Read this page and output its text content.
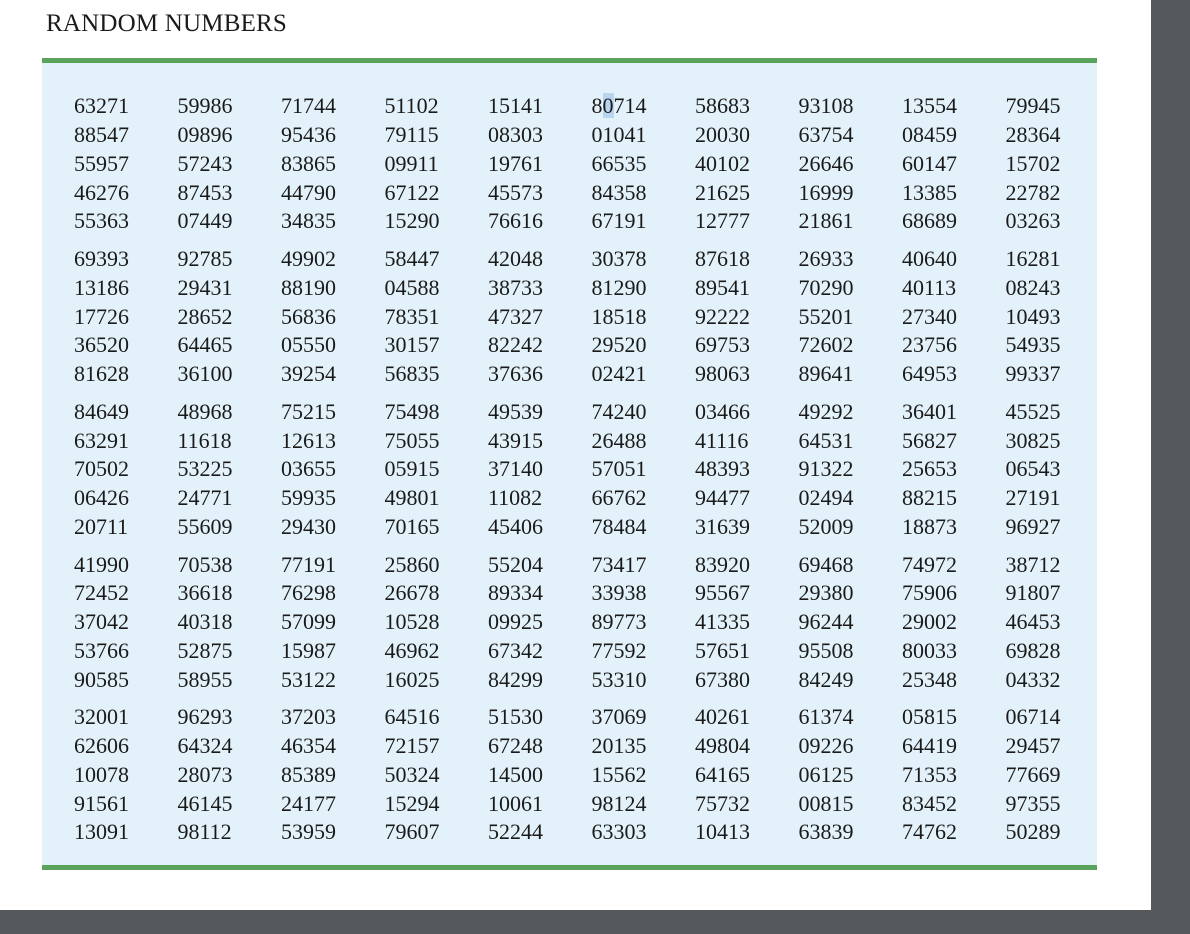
RANDOM NUMBERS
63271	59986	71744	51102	15141	80714	58683	93108	13554	79945
88547	09896	95436	79115	08303	01041	20030	63754	08459	28364
55957	57243	83865	09911	19761	66535	40102	26646	60147	15702
46276	87453	44790	67122	45573	84358	21625	16999	13385	22782
55363	07449	34835	15290	76616	67191	12777	21861	68689	03263
69393	92785	49902	58447	42048	30378	87618	26933	40640	16281
13186	29431	88190	04588	38733	81290	89541	70290	40113	08243
17726	28652	56836	78351	47327	18518	92222	55201	27340	10493
36520	64465	05550	30157	82242	29520	69753	72602	23756	54935
81628	36100	39254	56835	37636	02421	98063	89641	64953	99337
84649	48968	75215	75498	49539	74240	03466	49292	36401	45525
63291	11618	12613	75055	43915	26488	41116	64531	56827	30825
70502	53225	03655	05915	37140	57051	48393	91322	25653	06543
06426	24771	59935	49801	11082	66762	94477	02494	88215	27191
20711	55609	29430	70165	45406	78484	31639	52009	18873	96927
41990	70538	77191	25860	55204	73417	83920	69468	74972	38712
72452	36618	76298	26678	89334	33938	95567	29380	75906	91807
37042	40318	57099	10528	09925	89773	41335	96244	29002	46453
53766	52875	15987	46962	67342	77592	57651	95508	80033	69828
90585	58955	53122	16025	84299	53310	67380	84249	25348	04332
32001	96293	37203	64516	51530	37069	40261	61374	05815	06714
62606	64324	46354	72157	67248	20135	49804	09226	64419	29457
10078	28073	85389	50324	14500	15562	64165	06125	71353	77669
91561	46145	24177	15294	10061	98124	75732	00815	83452	97355
13091	98112	53959	79607	52244	63303	10413	63839	74762	50289
